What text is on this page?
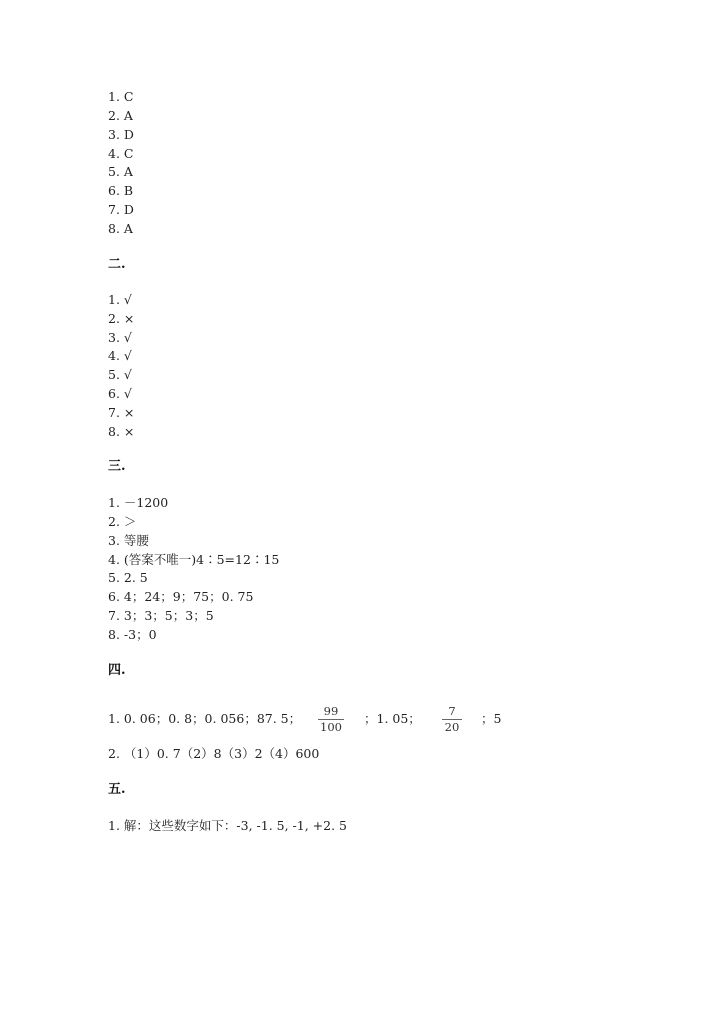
1. C
2. A
3. D
4. C
5. A
6. B
7. D
8. A
二.
1. √
2. ×
3. √
4. √
5. √
6. √
7. ×
8. ×
三.
1. －1200
2. ＞
3. 等腰
4. (答案不唯一)4∶5=12∶15
5. 2. 5
6. 4；24；9；75；0. 75
7. 3；3；5；3；5
8. -3；0
四.
1. 0. 06；0. 8；0. 056；87. 5； 99
100
；1. 05； 7
20
；5
2. （1）0. 7（2）8（3）2（4）600
五.
1. 解：这些数字如下：-3, -1. 5, -1, +2. 5
